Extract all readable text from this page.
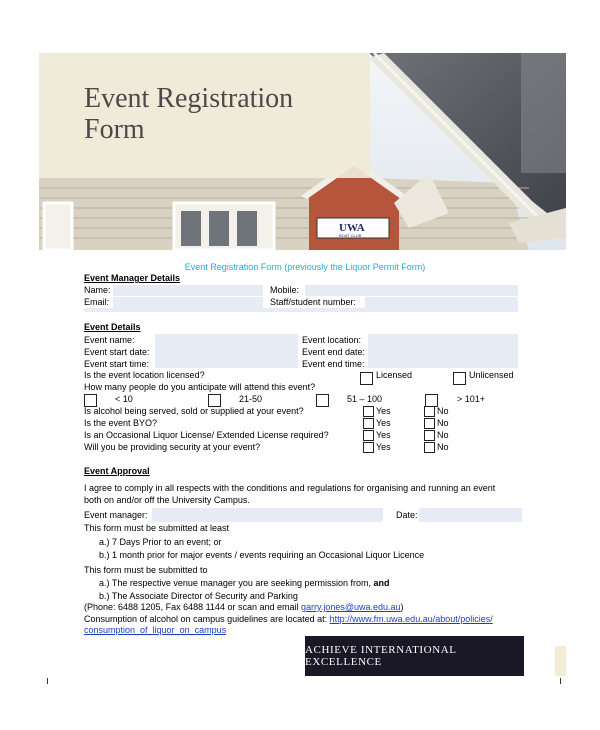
UWA
BOAT CLUB
Event Registration
Form
Event Registration Form (previously the Liquor Permit Form)
Event Manager Details
Name:	Mobile:
Email:	Staff/student number:
Event Details
Event name:	Event location:
Event start date:	Event end date:
Event start time:	Event end time:
Is the event location licensed?	Licensed	Unlicensed
How many people do you anticipate will attend this event?
< 10	21-50	51 – 100	> 101+
Is alcohol being served, sold or supplied at your event?	Yes	No
Is the event BYO?	Yes	No
Is an Occasional Liquor License/ Extended License required?	Yes	No
Will you be providing security at your event?	Yes	No
Event Approval
I agree to comply in all respects with the conditions and regulations for organising and running an event
both on and/or off the University Campus.
Event manager:	Date:
This form must be submitted at least
a.) 7 Days Prior to an event; or
b.) 1 month prior for major events / events requiring an Occasional Liquor Licence
This form must be submitted to
a.) The respective venue manager you are seeking permission from, and
b.) The Associate Director of Security and Parking
(Phone: 6488 1205, Fax 6488 1144 or scan and email garry.jones@uwa.edu.au)
Consumption of alcohol on campus guidelines are located at: http://www.fm.uwa.edu.au/about/policies/
consumption_of_liquor_on_campus
ACHIEVE INTERNATIONAL EXCELLENCE
